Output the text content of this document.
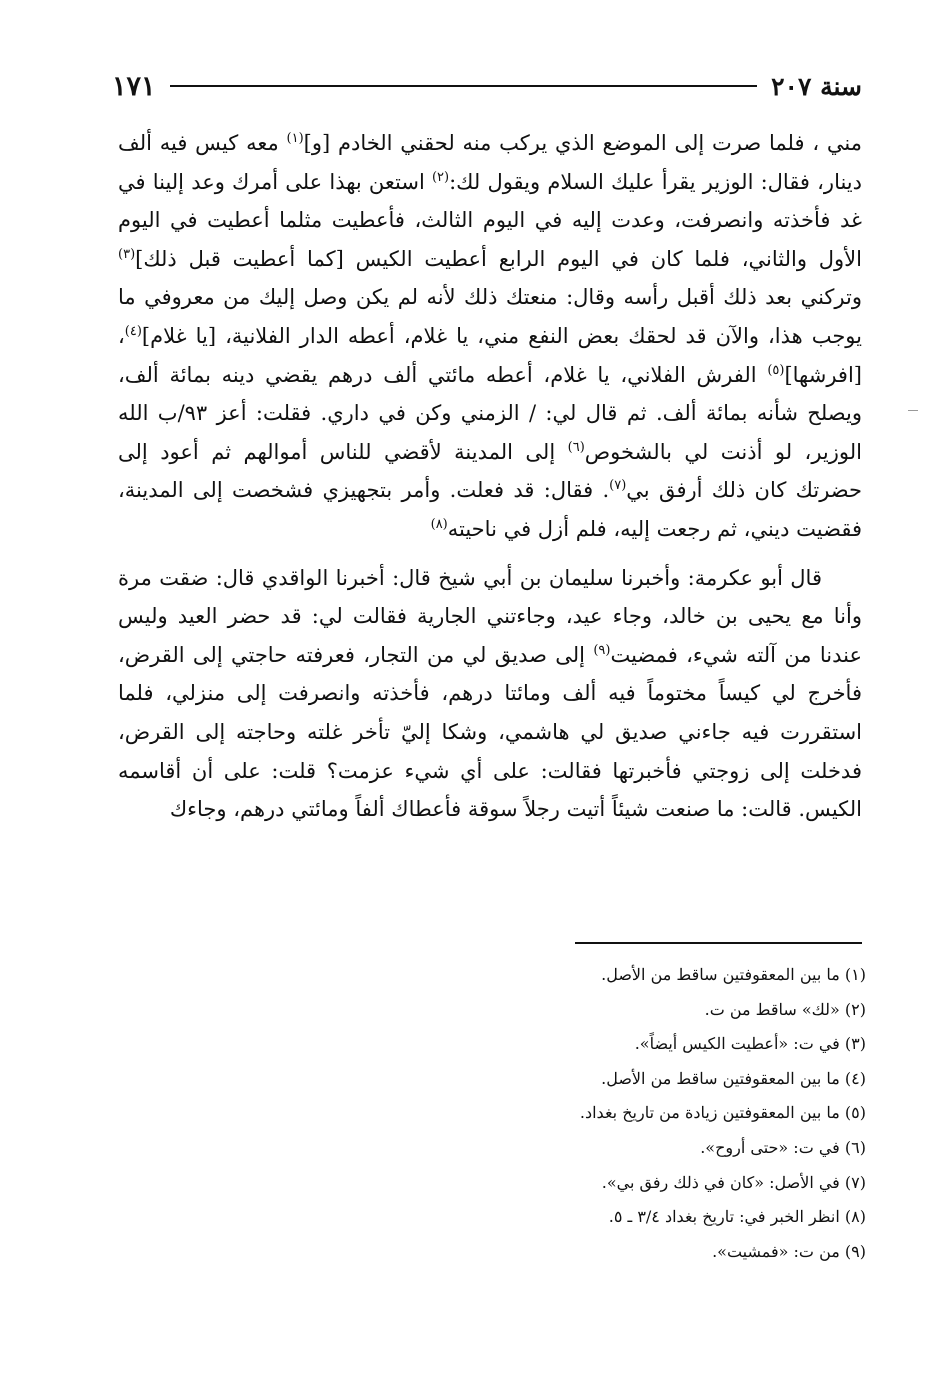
سنة ٢٠٧
١٧١

مني ، فلما صرت إلى الموضع الذي يركب منه لحقني الخادم [و]$^{(١)}$ معه كيس فيه ألف دينار، فقال: الوزير يقرأ عليك السلام ويقول لك:$^{(٢)}$ استعن بهذا على أمرك وعد إلينا في غد فأخذته وانصرفت، وعدت إليه في اليوم الثالث، فأعطيت مثلما أعطيت في اليوم الأول والثاني، فلما كان في اليوم الرابع أعطيت الكيس [كما أعطيت قبل ذلك]$^{(٣)}$ وتركني بعد ذلك أقبل رأسه وقال: منعتك ذلك لأنه لم يكن وصل إليك من معروفي ما يوجب هذا، والآن قد لحقك بعض النفع مني، يا غلام، أعطه الدار الفلانية، [يا غلام]$^{(٤)}$، [افرشها]$^{(٥)}$ الفرش الفلاني، يا غلام، أعطه مائتي ألف درهم يقضي دينه بمائة ألف، ويصلح شأنه بمائة ألف. ثم قال لي: / الزمني وكن في داري. فقلت: أعز ٩٣/ب الله الوزير، لو أذنت لي بالشخوص$^{(٦)}$ إلى المدينة لأقضي للناس أموالهم ثم أعود إلى حضرتك كان ذلك أرفق بي$^{(٧)}$. فقال: قد فعلت. وأمر بتجهيزي فشخصت إلى المدينة، فقضيت ديني، ثم رجعت إليه، فلم أزل في ناحيته$^{(٨)}$

قال أبو عكرمة: وأخبرنا سليمان بن أبي شيخ قال: أخبرنا الواقدي قال: ضقت مرة وأنا مع يحيى بن خالد، وجاء عيد، وجاءتني الجارية فقالت لي: قد حضر العيد وليس عندنا من آلته شيء، فمضيت$^{(٩)}$ إلى صديق لي من التجار، فعرفته حاجتي إلى القرض، فأخرج لي كيساً مختوماً فيه ألف ومائتا درهم، فأخذته وانصرفت إلى منزلي، فلما استقررت فيه جاءني صديق لي هاشمي، وشكا إليّ تأخر غلته وحاجته إلى القرض، فدخلت إلى زوجتي فأخبرتها فقالت: على أي شيء عزمت؟ قلت: على أن أقاسمه الكيس. قالت: ما صنعت شيئاً أتيت رجلاً سوقة فأعطاك ألفاً ومائتي درهم، وجاءك

(١) ما بين المعقوفتين ساقط من الأصل.
(٢) «لك» ساقط من ت.
(٣) في ت: «أعطيت الكيس أيضاً».
(٤) ما بين المعقوفتين ساقط من الأصل.
(٥) ما بين المعقوفتين زيادة من تاريخ بغداد.
(٦) في ت: «حتى أروح».
(٧) في الأصل: «كان في ذلك رفق بي».
(٨) انظر الخبر في: تاريخ بغداد ٣/٤ ـ ٥.
(٩) من ت: «فمشيت».
